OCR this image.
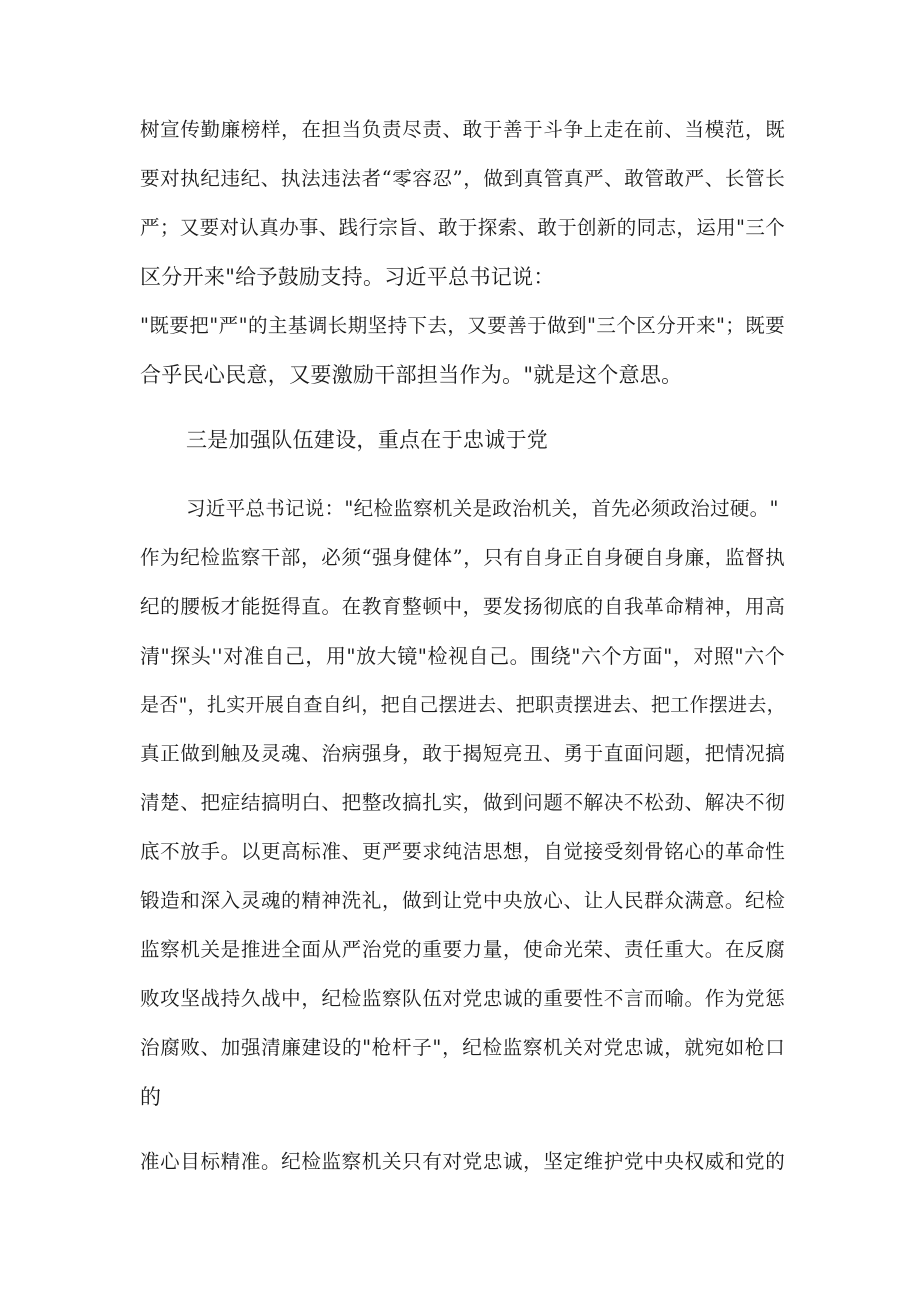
树宣传勤廉榜样，在担当负责尽责、敢于善于斗争上走在前、当模范，既
要对执纪违纪、执法违法者“零容忍”，做到真管真严、敢管敢严、长管长
严；又要对认真办事、践行宗旨、敢于探索、敢于创新的同志，运用"三个
区分开来"给予鼓励支持。习近平总书记说：
"既要把"严"的主基调长期坚持下去，又要善于做到"三个区分开来"；既要
合乎民心民意，又要激励干部担当作为。"就是这个意思。
三是加强队伍建设，重点在于忠诚于党
习近平总书记说："纪检监察机关是政治机关，首先必须政治过硬。"
作为纪检监察干部，必须“强身健体”，只有自身正自身硬自身廉，监督执
纪的腰板才能挺得直。在教育整顿中，要发扬彻底的自我革命精神，用高
清"探头''对准自己，用"放大镜"检视自己。围绕"六个方面"，对照"六个
是否"，扎实开展自查自纠，把自己摆进去、把职责摆进去、把工作摆进去，
真正做到触及灵魂、治病强身，敢于揭短亮丑、勇于直面问题，把情况搞
清楚、把症结搞明白、把整改搞扎实，做到问题不解决不松劲、解决不彻
底不放手。以更高标准、更严要求纯洁思想，自觉接受刻骨铭心的革命性
锻造和深入灵魂的精神洗礼，做到让党中央放心、让人民群众满意。纪检
监察机关是推进全面从严治党的重要力量，使命光荣、责任重大。在反腐
败攻坚战持久战中，纪检监察队伍对党忠诚的重要性不言而喻。作为党惩
治腐败、加强清廉建设的"枪杆子"，纪检监察机关对党忠诚，就宛如枪口
的
准心目标精准。纪检监察机关只有对党忠诚，坚定维护党中央权威和党的
